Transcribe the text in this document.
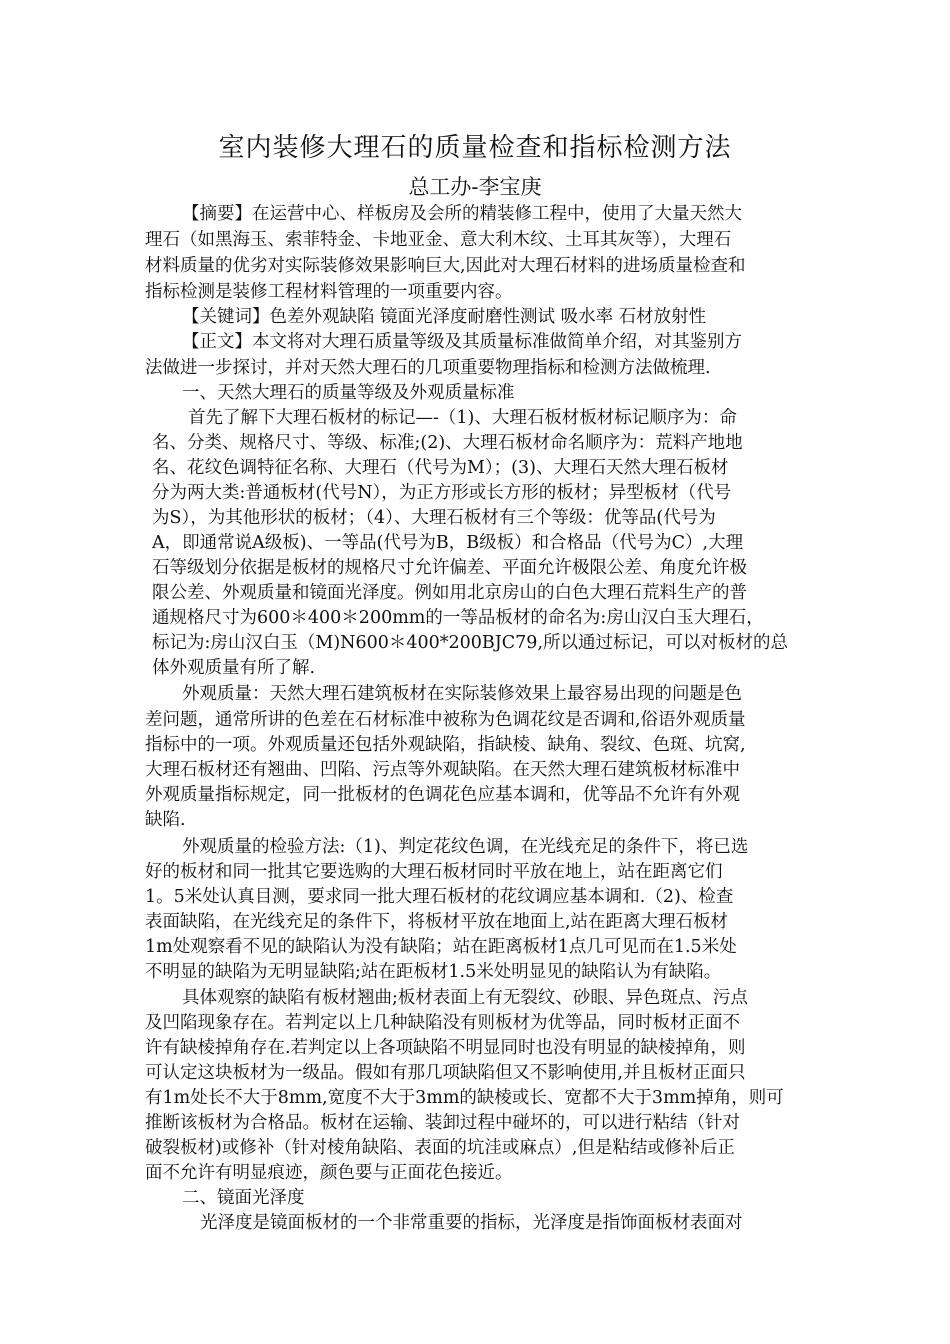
室内装修大理石的质量检查和指标检测方法
总工办-李宝庚
【摘要】在运营中心、样板房及会所的精装修工程中，使用了大量天然大
理石（如黑海玉、索菲特金、卡地亚金、意大利木纹、土耳其灰等），大理石
材料质量的优劣对实际装修效果影响巨大,因此对大理石材料的进场质量检查和
指标检测是装修工程材料管理的一项重要内容。
【关键词】色差外观缺陷 镜面光泽度耐磨性测试 吸水率 石材放射性
【正文】本文将对大理石质量等级及其质量标准做简单介绍，对其鉴别方
法做进一步探讨，并对天然大理石的几项重要物理指标和检测方法做梳理.
一、天然大理石的质量等级及外观质量标准
首先了解下大理石板材的标记—-（1)、大理石板材板材标记顺序为：命
名、分类、规格尺寸、等级、标准;(2)、大理石板材命名顺序为：荒料产地地
名、花纹色调特征名称、大理石（代号为M）；(3)、大理石天然大理石板材
分为两大类:普通板材(代号N），为正方形或长方形的板材；异型板材（代号
为S），为其他形状的板材；（4）、大理石板材有三个等级：优等品(代号为
A，即通常说A级板)、一等品(代号为B，B级板）和合格品（代号为C）,大理
石等级划分依据是板材的规格尺寸允许偏差、平面允许极限公差、角度允许极
限公差、外观质量和镜面光泽度。例如用北京房山的白色大理石荒料生产的普
通规格尺寸为600＊400＊200mm的一等品板材的命名为:房山汉白玉大理石，
标记为:房山汉白玉（M)N600＊400*200BJC79,所以通过标记，可以对板材的总
体外观质量有所了解.
外观质量：天然大理石建筑板材在实际装修效果上最容易出现的问题是色
差问题，通常所讲的色差在石材标准中被称为色调花纹是否调和,俗语外观质量
指标中的一项。外观质量还包括外观缺陷，指缺棱、缺角、裂纹、色斑、坑窝,
大理石板材还有翘曲、凹陷、污点等外观缺陷。在天然大理石建筑板材标准中
外观质量指标规定，同一批板材的色调花色应基本调和，优等品不允许有外观
缺陷.
外观质量的检验方法:（1)、判定花纹色调，在光线充足的条件下，将已选
好的板材和同一批其它要选购的大理石板材同时平放在地上，站在距离它们
1。5米处认真目测，要求同一批大理石板材的花纹调应基本调和.（2)、检查
表面缺陷，在光线充足的条件下，将板材平放在地面上,站在距离大理石板材
1m处观察看不见的缺陷认为没有缺陷；站在距离板材1点几可见而在1.5米处
不明显的缺陷为无明显缺陷;站在距板材1.5米处明显见的缺陷认为有缺陷。
具体观察的缺陷有板材翘曲;板材表面上有无裂纹、砂眼、异色斑点、污点
及凹陷现象存在。若判定以上几种缺陷没有则板材为优等品，同时板材正面不
许有缺棱掉角存在.若判定以上各项缺陷不明显同时也没有明显的缺棱掉角，则
可认定这块板材为一级品。假如有那几项缺陷但又不影响使用,并且板材正面只
有1m处长不大于8mm,宽度不大于3mm的缺棱或长、宽都不大于3mm掉角，则可
推断该板材为合格品。板材在运输、装卸过程中碰坏的，可以进行粘结（针对
破裂板材)或修补（针对棱角缺陷、表面的坑洼或麻点）,但是粘结或修补后正
面不允许有明显痕迹，颜色要与正面花色接近。
二、镜面光泽度
光泽度是镜面板材的一个非常重要的指标，光泽度是指饰面板材表面对
